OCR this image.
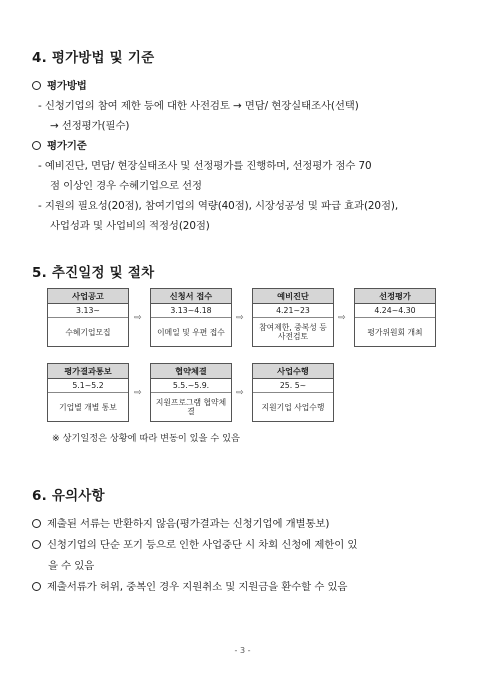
4. 평가방법 및 기준
평가방법
- 신청기업의 참여 제한 등에 대한 사전검토 → 면담/ 현장실태조사(선택)
→ 선정평가(필수)
평가기준
- 예비진단, 면담/ 현장실태조사 및 선정평가를 진행하며, 선정평가 점수 70
점 이상인 경우 수혜기업으로 선정
- 지원의 필요성(20점), 참여기업의 역량(40점), 시장성공성 및 파급 효과(20점),
사업성과 및 사업비의 적정성(20점)
5. 추진일정 및 절차
사업공고
3.13~
수혜기업모집
⇨
신청서 접수
3.13~4.18
이메일 및 우편 접수
⇨
예비진단
4.21~23
참여제한, 중복성 등 사전검토
⇨
선정평가
4.24~4.30
평가위원회 개최
평가결과통보
5.1~5.2
기업별 개별 통보
⇨
협약체결
5.5.~5.9.
지원프로그램 협약체결
⇨
사업수행
25. 5~
지원기업 사업수행
※ 상기일정은 상황에 따라 변동이 있을 수 있음
6. 유의사항
제출된 서류는 반환하지 않음(평가결과는 신청기업에 개별통보)
신청기업의 단순 포기 등으로 인한 사업중단 시 차회 신청에 제한이 있
을 수 있음
제출서류가 허위, 중복인 경우 지원취소 및 지원금을 환수할 수 있음
- 3 -
